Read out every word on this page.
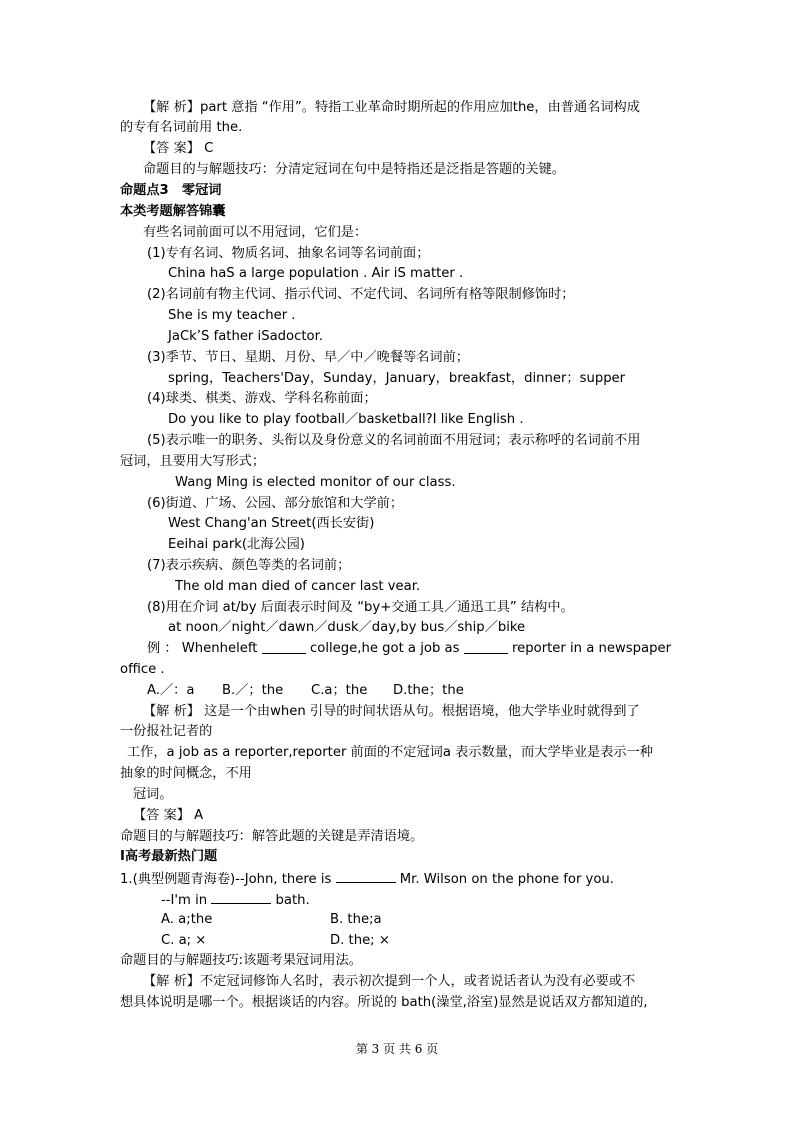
【解 析】part 意指 “作用”。特指工业革命时期所起的作用应加the，由普通名词构成
的专有名词前用 the.
【答 案】 C
命题目的与解题技巧：分清定冠词在句中是特指还是泛指是答题的关键。
命题点3　零冠词
本类考题解答锦囊
有些名词前面可以不用冠词，它们是：
(1)专有名词、物质名词、抽象名词等名词前面；
China haS a large population . Air iS matter .
(2)名词前有物主代词、指示代词、不定代词、名词所有格等限制修饰时；
She is my teacher .
JaCk’S father iSadoctor.
(3)季节、节日、星期、月份、早／中／晚餐等名词前；
spring，Teachers'Day，Sunday，January，breakfast，dinner；supper
(4)球类、棋类、游戏、学科名称前面；
Do you like to play football／basketball?I like English .
(5)表示唯一的职务、头衔以及身份意义的名词前面不用冠词；表示称呼的名词前不用
冠词，且要用大写形式；
Wang Ming is elected monitor of our class.
(6)街道、广场、公园、部分旅馆和大学前；
West Chang'an Street(西长安街)
Eeihai park(北海公园)
(7)表示疾病、颜色等类的名词前；
The old man died of cancer last vear.
(8)用在介词 at/by 后面表示时间及 “by+交通工具／通迅工具” 结构中。
at noon／night／dawn／dusk／day,by bus／ship／bike
例 ： Whenheleft	college,he got a job as	reporter in a newspaper
office .
A.／：a B.／；the C.a；the D.the；the
【解 析】 这是一个由when 引导的时间状语从句。根据语境，他大学毕业时就得到了
一份报社记者的
工作，a job as a reporter,reporter 前面的不定冠词a 表示数量，而大学毕业是表示一种
抽象的时间概念，不用
冠词。
【答 案】 A
命题目的与解题技巧：解答此题的关键是弄清语境。
Ⅰ高考最新热门题
1.(典型例题青海卷)--John, there is	Mr. Wilson on the phone for you.
--I'm in	bath.
A. a;the	B. the;a
C. a; ×	D. the; ×
命题目的与解题技巧:该题考果冠词用法。
【解 析】不定冠词修饰人名时，表示初次提到一个人，或者说话者认为没有必要或不
想具体说明是哪一个。根据谈话的内容。所说的 bath(澡堂,浴室)显然是说话双方都知道的,
第 3 页 共 6 页
